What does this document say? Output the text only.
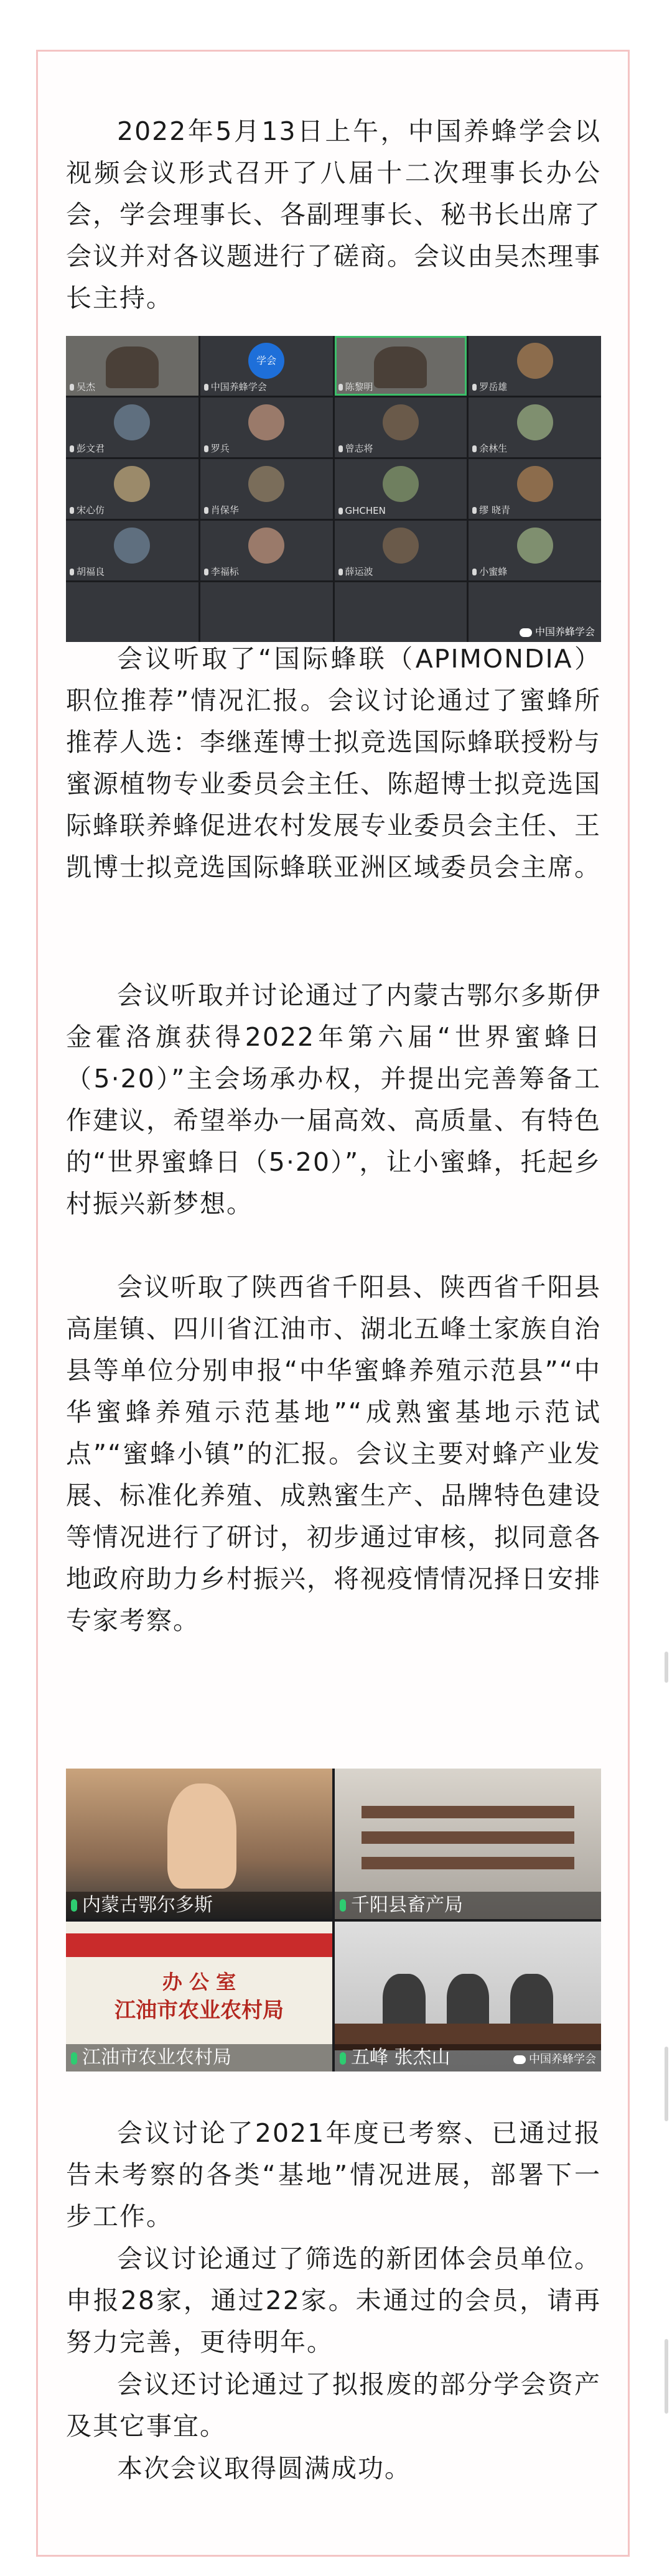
2022年5月13日上午，中国养蜂学会以视频会议形式召开了八届十二次理事长办公会，学会理事长、各副理事长、秘书长出席了会议并对各议题进行了磋商。会议由吴杰理事长主持。

吴杰
学会
中国养蜂学会	陈黎明	罗岳雄
彭文君	罗兵	曾志将	余林生
宋心仿	肖保华	GHCHEN	缪 晓青
胡福良	李福标	薛运波	小蜜蜂
中国养蜂学会

会议听取了“国际蜂联（APIMONDIA）职位推荐”情况汇报。会议讨论通过了蜜蜂所推荐人选：李继莲博士拟竞选国际蜂联授粉与蜜源植物专业委员会主任、陈超博士拟竞选国际蜂联养蜂促进农村发展专业委员会主任、王凯博士拟竞选国际蜂联亚洲区域委员会主席。

会议听取并讨论通过了内蒙古鄂尔多斯伊金霍洛旗获得2022年第六届“世界蜜蜂日（5·20）”主会场承办权，并提出完善筹备工作建议，希望举办一届高效、高质量、有特色的“世界蜜蜂日（5·20）”，让小蜜蜂，托起乡村振兴新梦想。

会议听取了陕西省千阳县、陕西省千阳县高崖镇、四川省江油市、湖北五峰土家族自治县等单位分别申报“中华蜜蜂养殖示范县”“中华蜜蜂养殖示范基地”“成熟蜜基地示范试点”“蜜蜂小镇”的汇报。会议主要对蜂产业发展、标准化养殖、成熟蜜生产、品牌特色建设等情况进行了研讨，初步通过审核，拟同意各地政府助力乡村振兴，将视疫情情况择日安排专家考察。

内蒙古鄂尔多斯	千阳县畜产局
办 公 室
江油市农业农村局
江油市农业农村局	五峰 张杰山	中国养蜂学会

会议讨论了2021年度已考察、已通过报告未考察的各类“基地”情况进展，部署下一步工作。

会议讨论通过了筛选的新团体会员单位。申报28家，通过22家。未通过的会员，请再努力完善，更待明年。

会议还讨论通过了拟报废的部分学会资产及其它事宜。

本次会议取得圆满成功。
